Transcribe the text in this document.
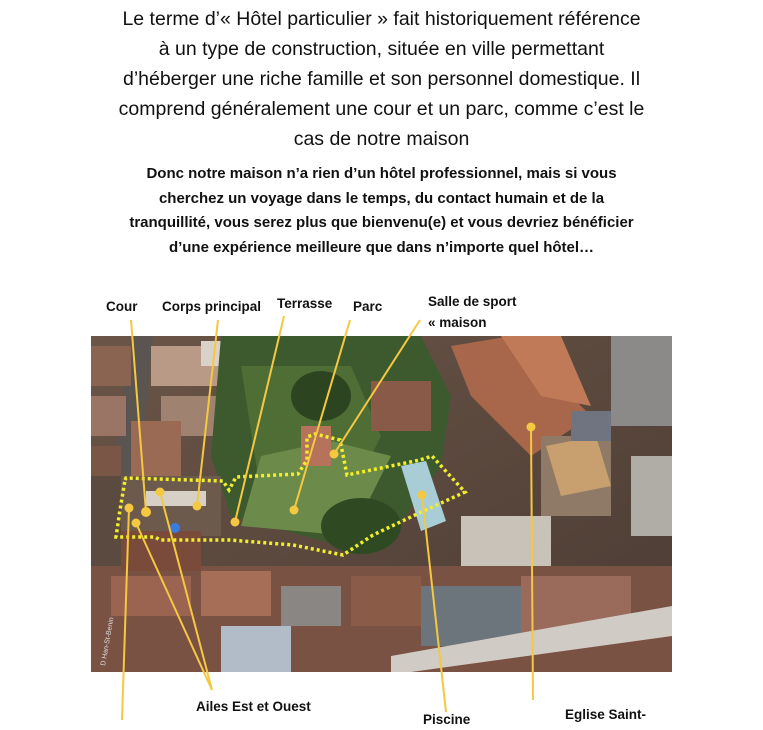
Le terme d’« Hôtel particulier » fait historiquement référence

à un type de construction, située en ville permettant

d’héberger une riche famille et son personnel domestique. Il

comprend généralement une cour et un parc, comme c’est le

cas de notre maison

Donc notre maison n’a rien d’un hôtel professionnel, mais si vous

cherchez un voyage dans le temps, du contact humain et de la

tranquillité, vous serez plus que bienvenu(e) et vous devriez bénéficier

d’une expérience meilleure que dans n’importe quel hôtel…

Cour Corps principal Terrasse Parc	Salle de sport
« maison
Ailes Est et Ouest
Piscine	Eglise Saint-
D Han-St-Benin
